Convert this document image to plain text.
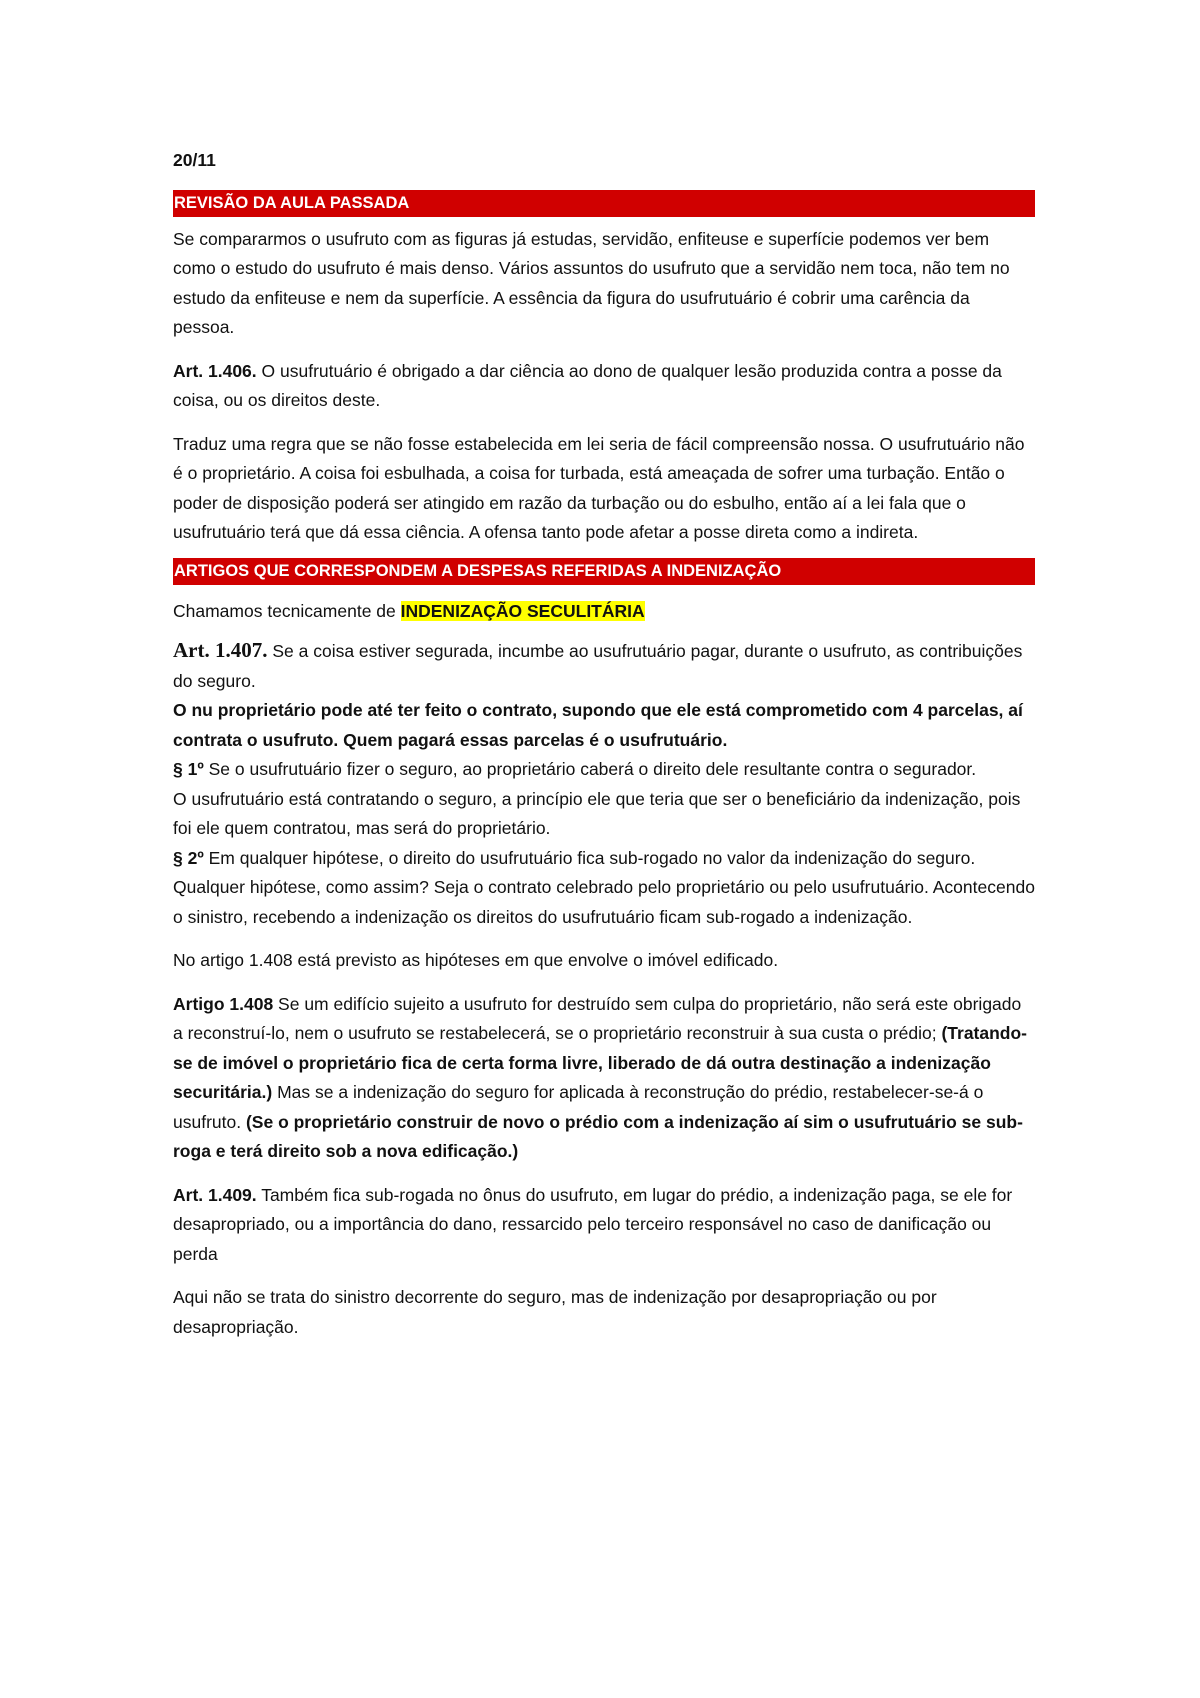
20/11

REVISÃO DA AULA PASSADA

Se compararmos o usufruto com as figuras já estudas, servidão, enfiteuse e superfície podemos ver bem como o estudo do usufruto é mais denso. Vários assuntos do usufruto que a servidão nem toca, não tem no estudo da enfiteuse e nem da superfície. A essência da figura do usufrutuário é cobrir uma carência da pessoa.

Art. 1.406. O usufrutuário é obrigado a dar ciência ao dono de qualquer lesão produzida contra a posse da coisa, ou os direitos deste.

Traduz uma regra que se não fosse estabelecida em lei seria de fácil compreensão nossa. O usufrutuário não é o proprietário. A coisa foi esbulhada, a coisa for turbada, está ameaçada de sofrer uma turbação. Então o poder de disposição poderá ser atingido em razão da turbação ou do esbulho, então aí a lei fala que o usufrutuário terá que dá essa ciência. A ofensa tanto pode afetar a posse direta como a indireta.

ARTIGOS QUE CORRESPONDEM A DESPESAS REFERIDAS A INDENIZAÇÃO

Chamamos tecnicamente de INDENIZAÇÃO SECULITÁRIA

Art. 1.407. Se a coisa estiver segurada, incumbe ao usufrutuário pagar, durante o usufruto, as contribuições do seguro.

O nu proprietário pode até ter feito o contrato, supondo que ele está comprometido com 4 parcelas, aí contrata o usufruto. Quem pagará essas parcelas é o usufrutuário.

§ 1º Se o usufrutuário fizer o seguro, ao proprietário caberá o direito dele resultante contra o segurador.

O usufrutuário está contratando o seguro, a princípio ele que teria que ser o beneficiário da indenização, pois foi ele quem contratou, mas será do proprietário.

§ 2º Em qualquer hipótese, o direito do usufrutuário fica sub-rogado no valor da indenização do seguro.

Qualquer hipótese, como assim? Seja o contrato celebrado pelo proprietário ou pelo usufrutuário. Acontecendo o sinistro, recebendo a indenização os direitos do usufrutuário ficam sub-rogado a indenização.

No artigo 1.408 está previsto as hipóteses em que envolve o imóvel edificado.

Artigo 1.408 Se um edifício sujeito a usufruto for destruído sem culpa do proprietário, não será este obrigado a reconstruí-lo, nem o usufruto se restabelecerá, se o proprietário reconstruir à sua custa o prédio; (Tratando-se de imóvel o proprietário fica de certa forma livre, liberado de dá outra destinação a indenização securitária.) Mas se a indenização do seguro for aplicada à reconstrução do prédio, restabelecer-se-á o usufruto. (Se o proprietário construir de novo o prédio com a indenização aí sim o usufrutuário se sub-roga e terá direito sob a nova edificação.)

Art. 1.409. Também fica sub-rogada no ônus do usufruto, em lugar do prédio, a indenização paga, se ele for desapropriado, ou a importância do dano, ressarcido pelo terceiro responsável no caso de danificação ou perda

Aqui não se trata do sinistro decorrente do seguro, mas de indenização por desapropriação ou por desapropriação.
